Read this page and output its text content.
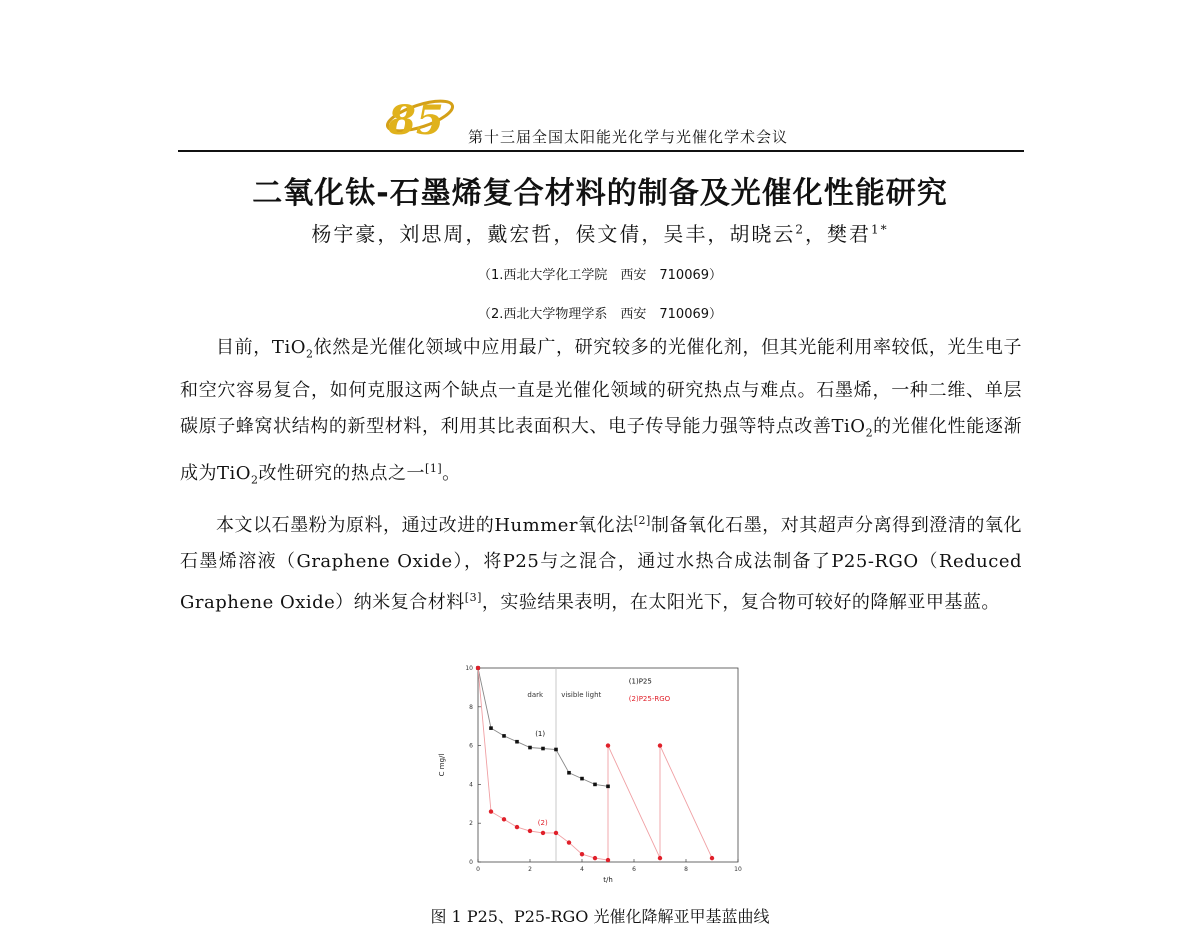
85 第十三届全国太阳能光化学与光催化学术会议
二氧化钛-石墨烯复合材料的制备及光催化性能研究
杨宇豪，刘思周，戴宏哲，侯文倩，吴丰，胡晓云$^2$，樊君$^{1*}$
（1.西北大学化工学院　西安　710069）
（2.西北大学物理学系　西安　710069）

目前，TiO$_2$依然是光催化领域中应用最广，研究较多的光催化剂，但其光能利用率较低，光生电子和空穴容易复合，如何克服这两个缺点一直是光催化领域的研究热点与难点。石墨烯，一种二维、单层碳原子蜂窝状结构的新型材料，利用其比表面积大、电子传导能力强等特点改善TiO$_2$的光催化性能逐渐成为TiO$_2$改性研究的热点之一[1]。

本文以石墨粉为原料，通过改进的Hummer氧化法[2]制备氧化石墨，对其超声分离得到澄清的氧化石墨烯溶液（Graphene Oxide），将P25与之混合，通过水热合成法制备了P25-RGO（Reduced Graphene Oxide）纳米复合材料[3]，实验结果表明，在太阳光下，复合物可较好的降解亚甲基蓝。

0	2	4	6	8	10
0
2
4
6
8
10
dark	visible light
(1)
(2)
(1)P25
(2)P25-RGO
t/h
C mg/l
图 1 P25、P25-RGO 光催化降解亚甲基蓝曲线
